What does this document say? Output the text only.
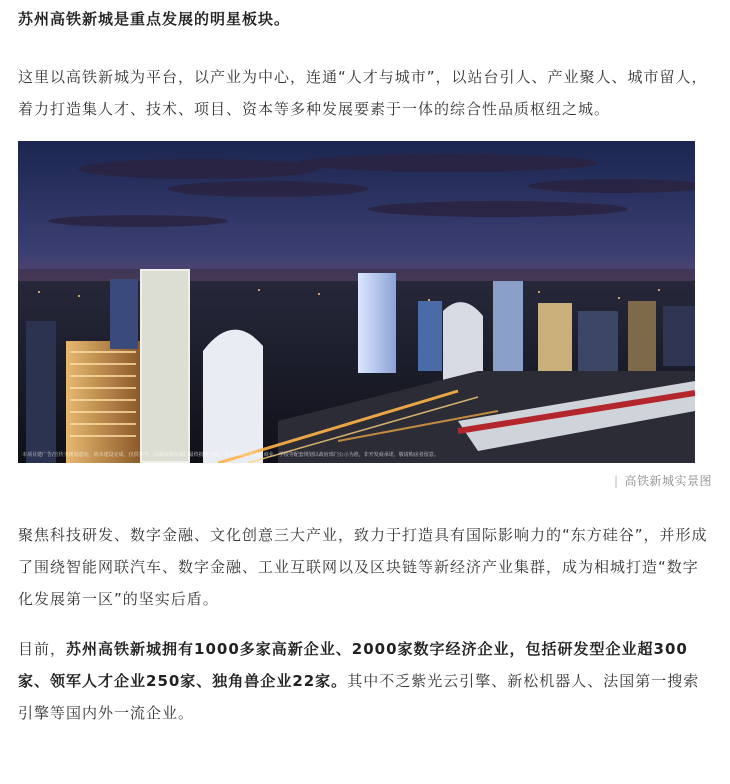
苏州高铁新城是重点发展的明星板块。

这里以高铁新城为平台，以产业为中心，连通“人才与城市”，以站台引人、产业聚人、城市留人，着力打造集人才、技术、项目、资本等多种发展要素于一体的综合性品质枢纽之城。

本项目建广告/宣传为规划意向，尚未建设完成，仅供参考，以政府相关部门最终批准为准。本项目周边交通、商业、学校等配套规划以政府部门公示为准，非开发商承诺，敬请购房者留意。
| 高铁新城实景图

聚焦科技研发、数字金融、文化创意三大产业，致力于打造具有国际影响力的“东方硅谷”，并形成了围绕智能网联汽车、数字金融、工业互联网以及区块链等新经济产业集群，成为相城打造“数字化发展第一区”的坚实后盾。

目前，苏州高铁新城拥有1000多家高新企业、2000家数字经济企业，包括研发型企业超300家、领军人才企业250家、独角兽企业22家。其中不乏紫光云引擎、新松机器人、法国第一搜索引擎等国内外一流企业。
